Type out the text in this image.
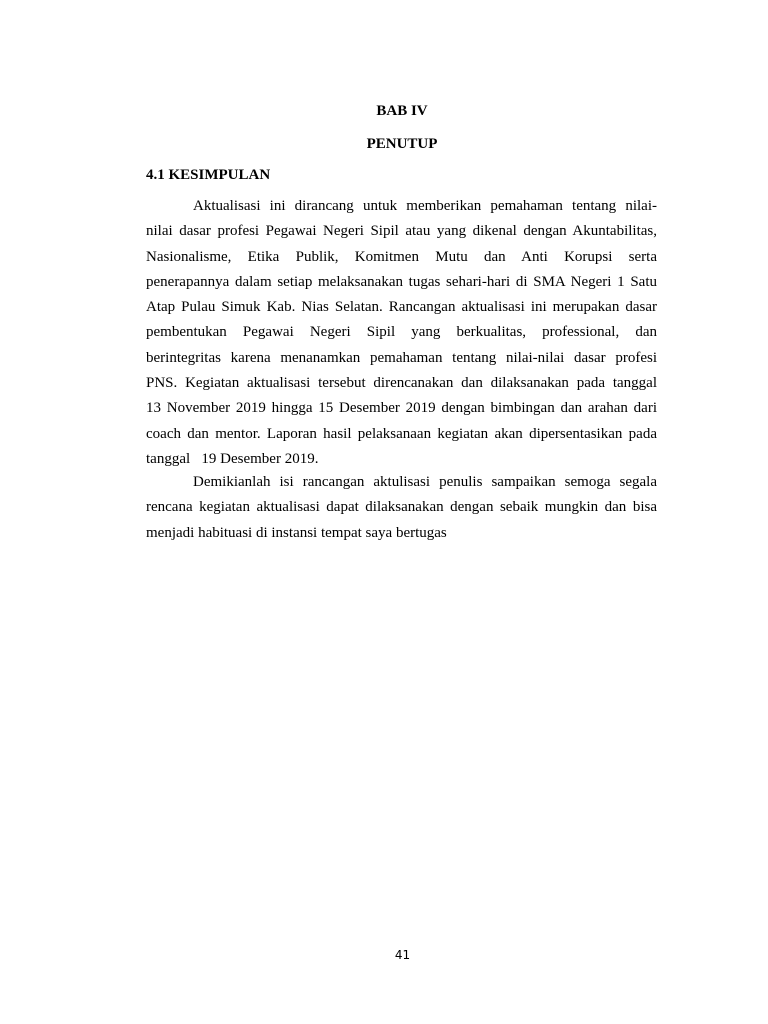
BAB IV
PENUTUP
4.1 KESIMPULAN
Aktualisasi ini dirancang untuk memberikan pemahaman tentang nilai-
nilai dasar profesi Pegawai Negeri Sipil atau yang dikenal dengan Akuntabilitas,
Nasionalisme, Etika Publik, Komitmen Mutu dan Anti Korupsi serta
penerapannya dalam setiap melaksanakan tugas sehari-hari di SMA Negeri 1 Satu
Atap Pulau Simuk Kab. Nias Selatan. Rancangan aktualisasi ini merupakan dasar
pembentukan Pegawai Negeri Sipil yang berkualitas, professional, dan
berintegritas karena menanamkan pemahaman tentang nilai-nilai dasar profesi
PNS. Kegiatan aktualisasi tersebut direncanakan dan dilaksanakan pada tanggal
13 November 2019 hingga 15 Desember 2019 dengan bimbingan dan arahan dari
coach dan mentor. Laporan hasil pelaksanaan kegiatan akan dipersentasikan pada
tanggal   19 Desember 2019.
Demikianlah isi rancangan aktulisasi penulis sampaikan semoga segala
rencana kegiatan aktualisasi dapat dilaksanakan dengan sebaik mungkin dan bisa
menjadi habituasi di instansi tempat saya bertugas
41
